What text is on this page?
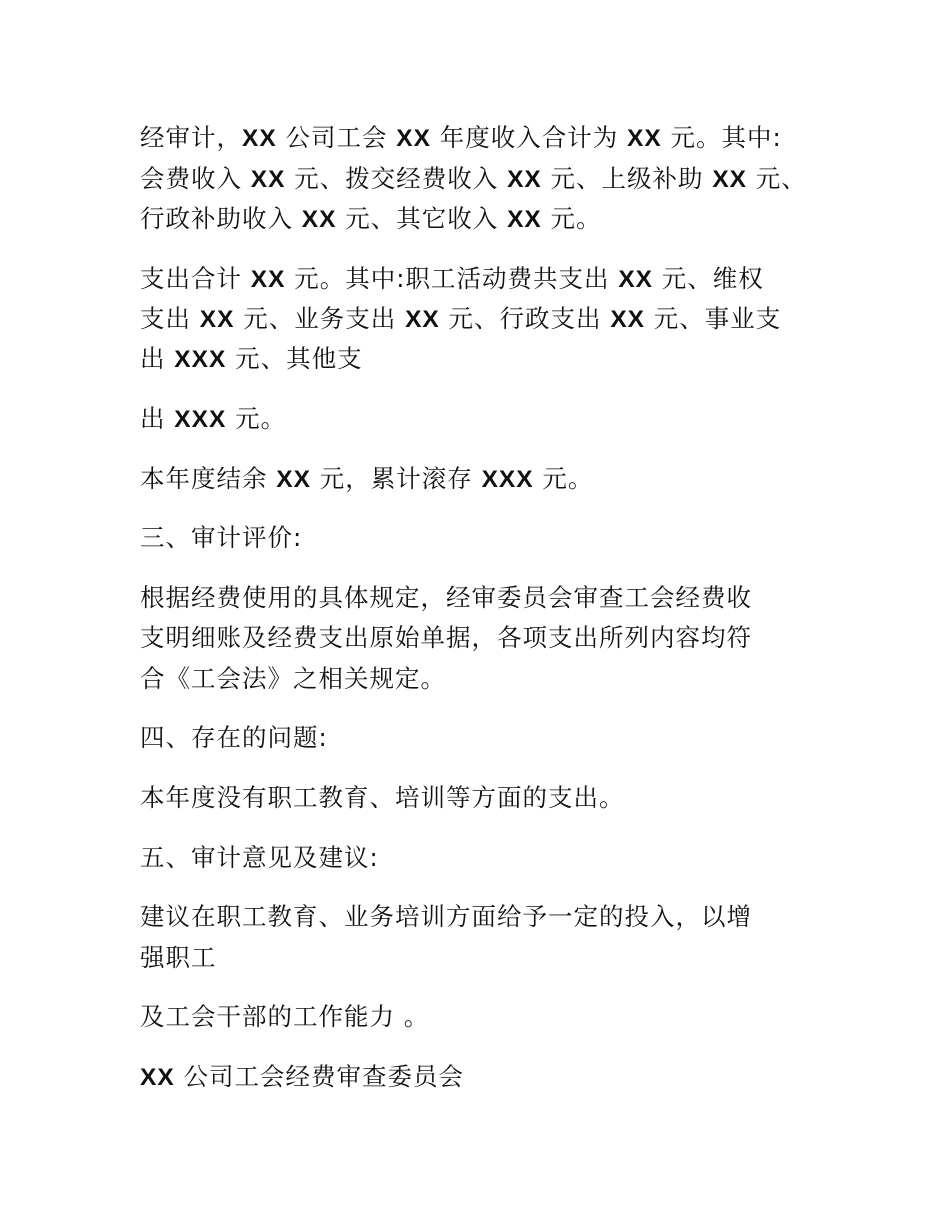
经审计，XX 公司工会 XX 年度收入合计为 XX 元。其中:
会费收入 XX 元、拨交经费收入 XX 元、上级补助 XX 元、
行政补助收入 XX 元、其它收入 XX 元。
支出合计 XX 元。其中:职工活动费共支出 XX 元、维权
支出 XX 元、业务支出 XX 元、行政支出 XX 元、事业支
出 XXX 元、其他支
出 XXX 元。
本年度结余 XX 元，累计滚存 XXX 元。
三、审计评价:
根据经费使用的具体规定，经审委员会审查工会经费收
支明细账及经费支出原始单据，各项支出所列内容均符
合《工会法》之相关规定。
四、存在的问题:
本年度没有职工教育、培训等方面的支出。
五、审计意见及建议:
建议在职工教育、业务培训方面给予一定的投入，以增
强职工
及工会干部的工作能力 。
XX 公司工会经费审查委员会
